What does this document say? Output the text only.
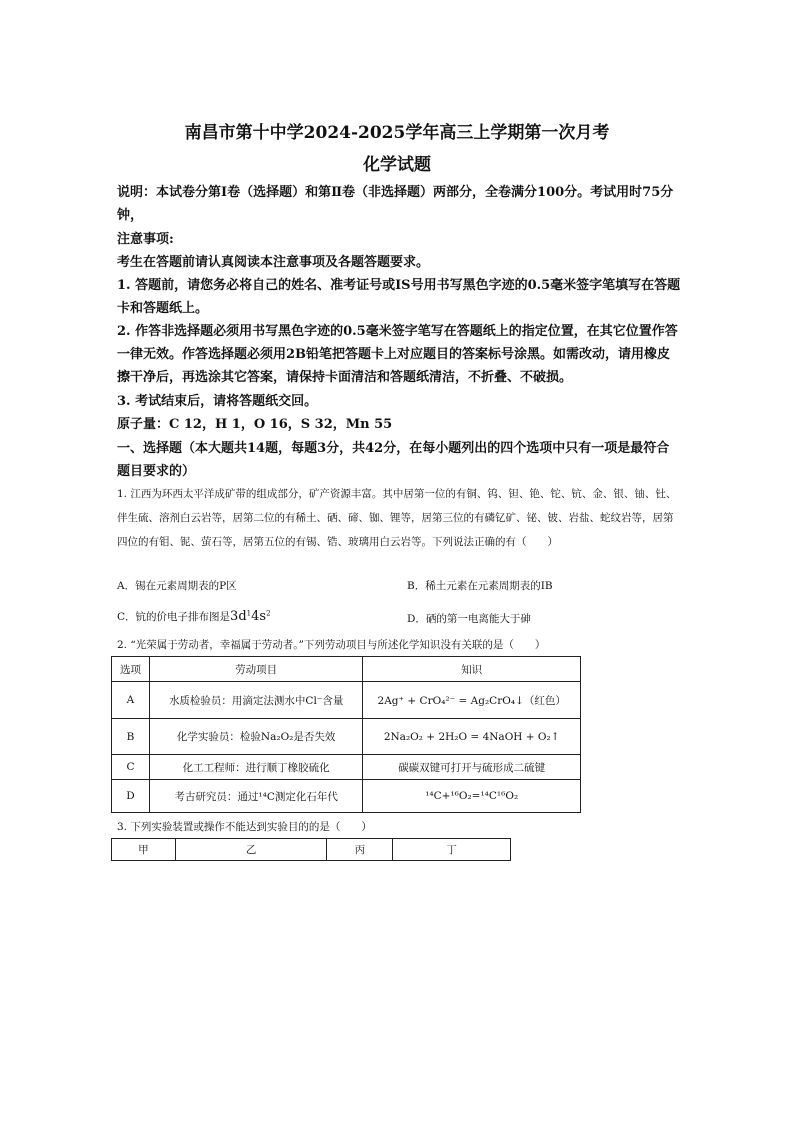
南昌市第十中学2024-2025学年高三上学期第一次月考
化学试题
说明：本试卷分第Ⅰ卷（选择题）和第Ⅱ卷（非选择题）两部分，全卷满分100分。考试用时75分钟，
注意事项:
考生在答题前请认真阅读本注意事项及各题答题要求。
1. 答题前，请您务必将自己的姓名、准考证号或IS号用书写黑色字迹的0.5毫米签字笔填写在答题卡和答题纸上。
2. 作答非选择题必须用书写黑色字迹的0.5毫米签字笔写在答题纸上的指定位置，在其它位置作答一律无效。作答选择题必须用2B铅笔把答题卡上对应题目的答案标号涂黑。如需改动，请用橡皮擦干净后，再选涂其它答案，请保持卡面清洁和答题纸清洁，不折叠、不破损。
3. 考试结束后，请将答题纸交回。
原子量：C 12，H 1，O 16，S 32，Mn 55
一、选择题（本大题共14题，每题3分，共42分，在每小题列出的四个选项中只有一项是最符合题目要求的）
1. 江西为环西太平洋成矿带的组成部分，矿产资源丰富。其中居第一位的有铜、钨、钽、铯、铊、钪、金、银、铀、钍、伴生硫、溶剂白云岩等，居第二位的有稀土、硒、碲、铷、锂等，居第三位的有磷钇矿、铋、铍、岩盐、蛇纹岩等，居第四位的有钼、铌、萤石等，居第五位的有锡、锆、玻璃用白云岩等。下列说法正确的有（　　）
A．锡在元素周期表的P区	B．稀土元素在元素周期表的ⅠB
C．钪的价电子排布图是$3d^14s^2$	D．硒的第一电离能大于砷
2. “光荣属于劳动者，幸福属于劳动者。”下列劳动项目与所述化学知识没有关联的是（　　）
选项	劳动项目	知识
A	水质检验员：用滴定法测水中Cl⁻含量	2Ag⁺ + CrO₄²⁻ = Ag₂CrO₄↓（红色）
B	化学实验员：检验Na₂O₂是否失效	2Na₂O₂ + 2H₂O = 4NaOH + O₂↑
C	化工工程师：进行顺丁橡胶硫化	碳碳双键可打开与硫形成二硫键
D	考古研究员：通过¹⁴C测定化石年代	¹⁴C+¹⁶O₂=¹⁴C¹⁶O₂
3. 下列实验装置或操作不能达到实验目的的是（　　）
甲	乙	丙	丁
